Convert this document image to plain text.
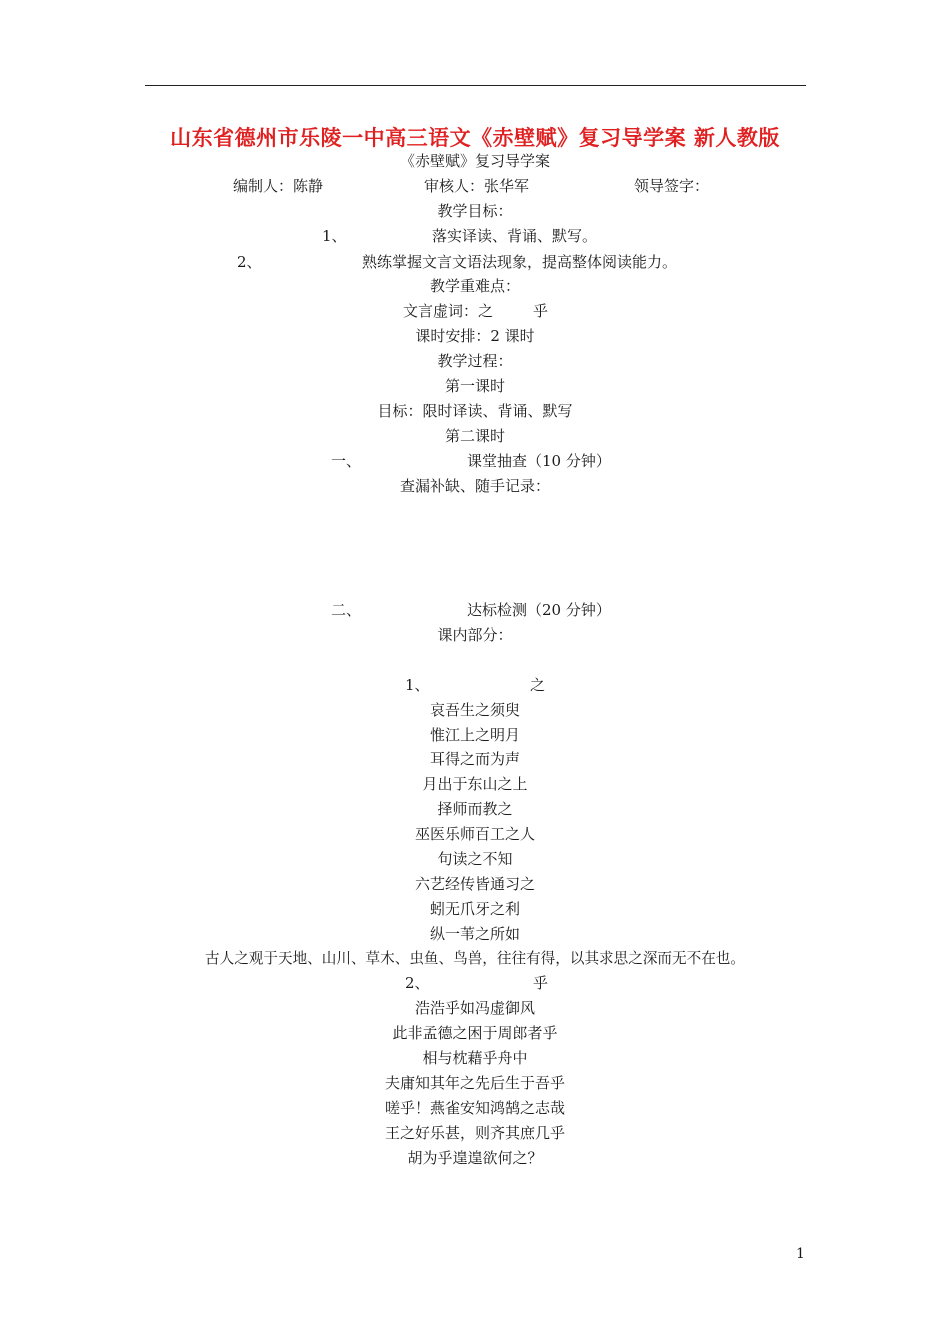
山东省德州市乐陵一中高三语文《赤壁赋》复习导学案 新人教版
《赤壁赋》复习导学案
编制人：陈静	审核人：张华军	领导签字：
教学目标：
1、	落实译读、背诵、默写。
2、	熟练掌握文言文语法现象，提高整体阅读能力。
教学重难点：
文言虚词：之	乎
课时安排：2 课时
教学过程：
第一课时
目标：限时译读、背诵、默写
第二课时
一、	课堂抽查（10 分钟）
查漏补缺、随手记录：
二、	达标检测（20 分钟）
课内部分：
1、	之
哀吾生之须臾
惟江上之明月
耳得之而为声
月出于东山之上
择师而教之
巫医乐师百工之人
句读之不知
六艺经传皆通习之
蚓无爪牙之利
纵一苇之所如
古人之观于天地、山川、草木、虫鱼、鸟兽，往往有得，以其求思之深而无不在也。
2、	乎
浩浩乎如冯虚御风
此非孟德之困于周郎者乎
相与枕藉乎舟中
夫庸知其年之先后生于吾乎
嗟乎！燕雀安知鸿鹄之志哉
王之好乐甚，则齐其庶几乎
胡为乎遑遑欲何之？
1
